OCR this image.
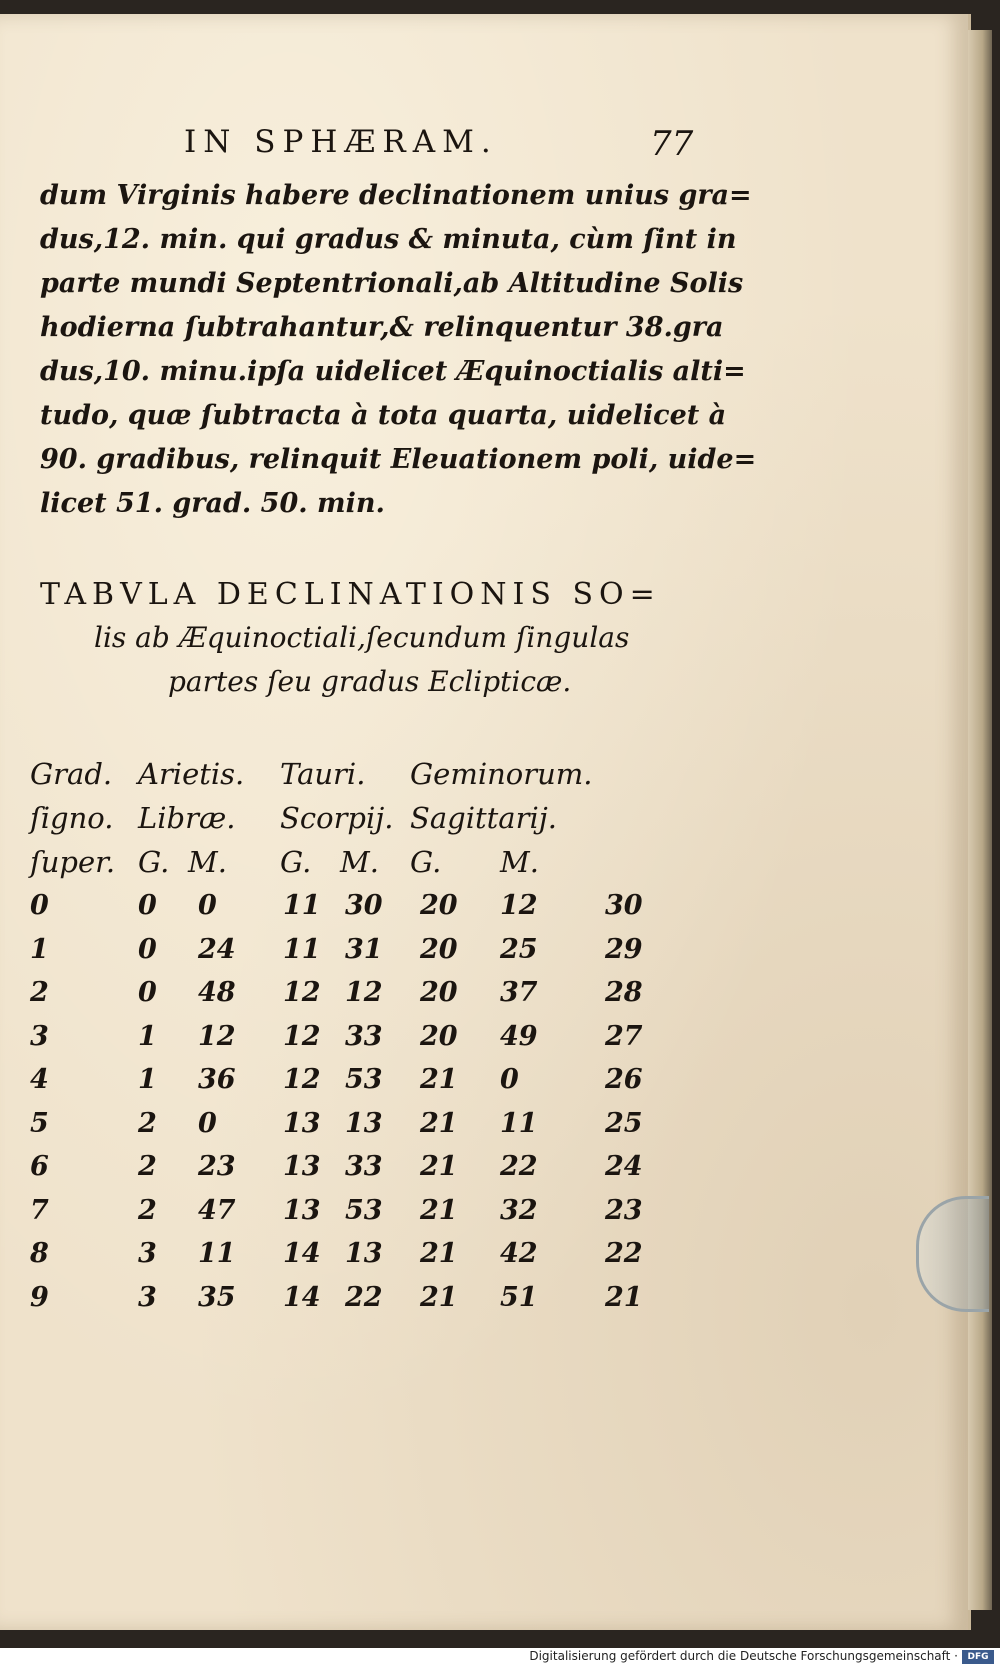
IN SPHÆRAM.	77
dum Virginis habere declinationem unius gra=
dus,12. min. qui gradus & minuta, cùm ſint in
parte mundi Septentrionali,ab Altitudine Solis
hodierna ſubtrahantur,& relinquentur 38.gra
dus,10. minu.ipſa uidelicet Æquinoctialis alti=
tudo, quæ ſubtracta à tota quarta, uidelicet à
90. gradibus, relinquit Eleuationem poli, uide=
licet 51. grad. 50. min.
TABVLA DECLINATIONIS SO=
lis ab Æquinoctiali,ſecundum ſingulas
partes ſeu gradus Eclipticæ.
Grad. Arietis. Tauri. Geminorum.
ſigno. Libræ. Scorpij. Sagittarij.
ſuper. G. M. G. M. G. M.
0	0 0 11 30 20 12 30
1	0 24 11 31 20 25 29
2	0 48 12 12 20 37 28
3	1 12 12 33 20 49 27
4	1 36 12 53 21 0	26
5	2 0 13 13 21 11 25
6	2 23 13 33 21 22 24
7	2 47 13 53 21 32 23
8	3 11 14 13 21 42 22
9	3 35 14 22 21 51 21
Digitalisierung gefördert durch die Deutsche Forschungsgemeinschaft ·	DFG
